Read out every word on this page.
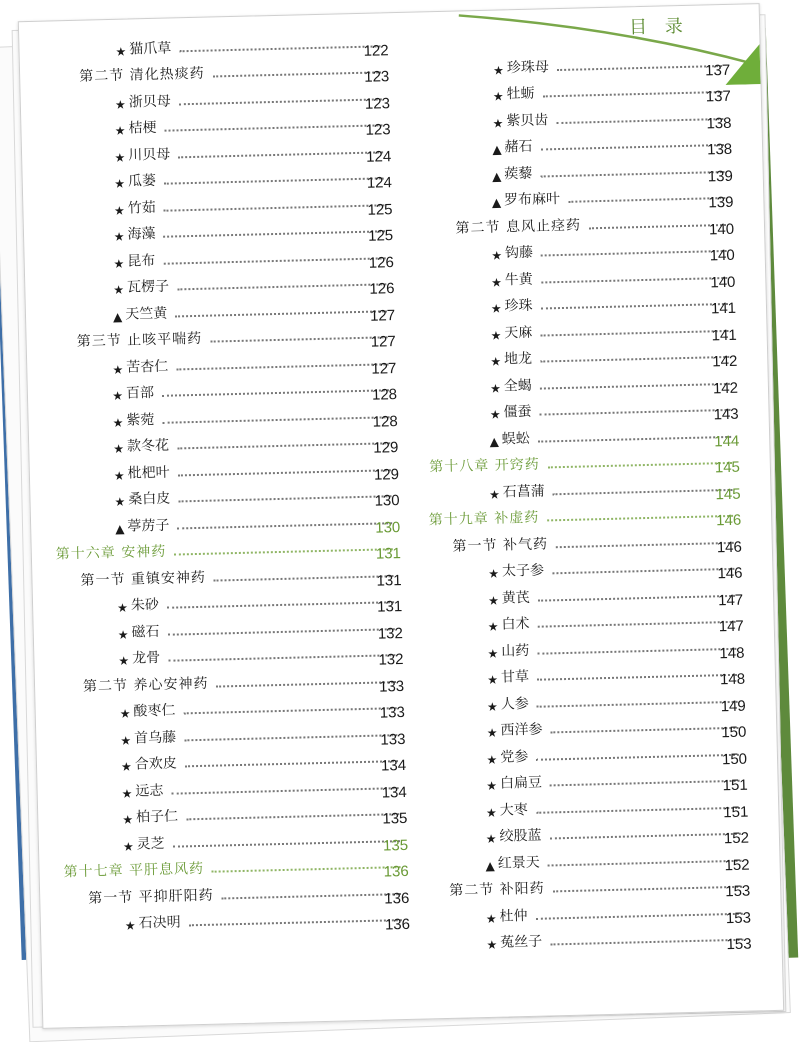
目 录
★ 猫爪草
第二节 清化热痰药
122
★ 浙贝母
123
★ 桔梗
123
★ 川贝母
123
★ 瓜蒌
124
★ 竹茹
124
★ 海藻
125
★ 昆布
125
★ 瓦楞子
126
▲ 天竺黄
126
第三节 止咳平喘药
127
★ 苦杏仁
127
★ 百部
127
★ 紫菀
128
★ 款冬花
128
★ 枇杷叶
129
★ 桑白皮
129
▲ 葶苈子
130
第十六章 安神药
130
第一节 重镇安神药
131
★ 朱砂
131
★ 磁石
131
★ 龙骨
132
第二节 养心安神药
132
★ 酸枣仁
133
★ 首乌藤
133
★ 合欢皮
133
★ 远志
134
★ 柏子仁
134
★ 灵芝
135
第十七章 平肝息风药
135
第一节 平抑肝阳药
136
★ 石决明
136
136
★ 珍珠母
★ 牡蛎
137
★ 紫贝齿
137
▲ 赭石
138
▲ 蒺藜
138
▲ 罗布麻叶
139
第二节 息风止痉药
139
★ 钩藤
140
★ 牛黄
140
★ 珍珠
140
★ 天麻
141
★ 地龙
141
★ 全蝎
142
★ 僵蚕
142
▲ 蜈蚣
143
第十八章 开窍药
144
★ 石菖蒲
145
第十九章 补虚药
145
第一节 补气药
146
★ 太子参
146
★ 黄芪
146
★ 白术
147
★ 山药
147
★ 甘草
148
★ 人参
148
★ 西洋参
149
★ 党参
150
★ 白扁豆
150
★ 大枣
151
★ 绞股蓝
151
▲ 红景天
152
第二节 补阳药
152
★ 杜仲
153
★ 菟丝子
153
153
